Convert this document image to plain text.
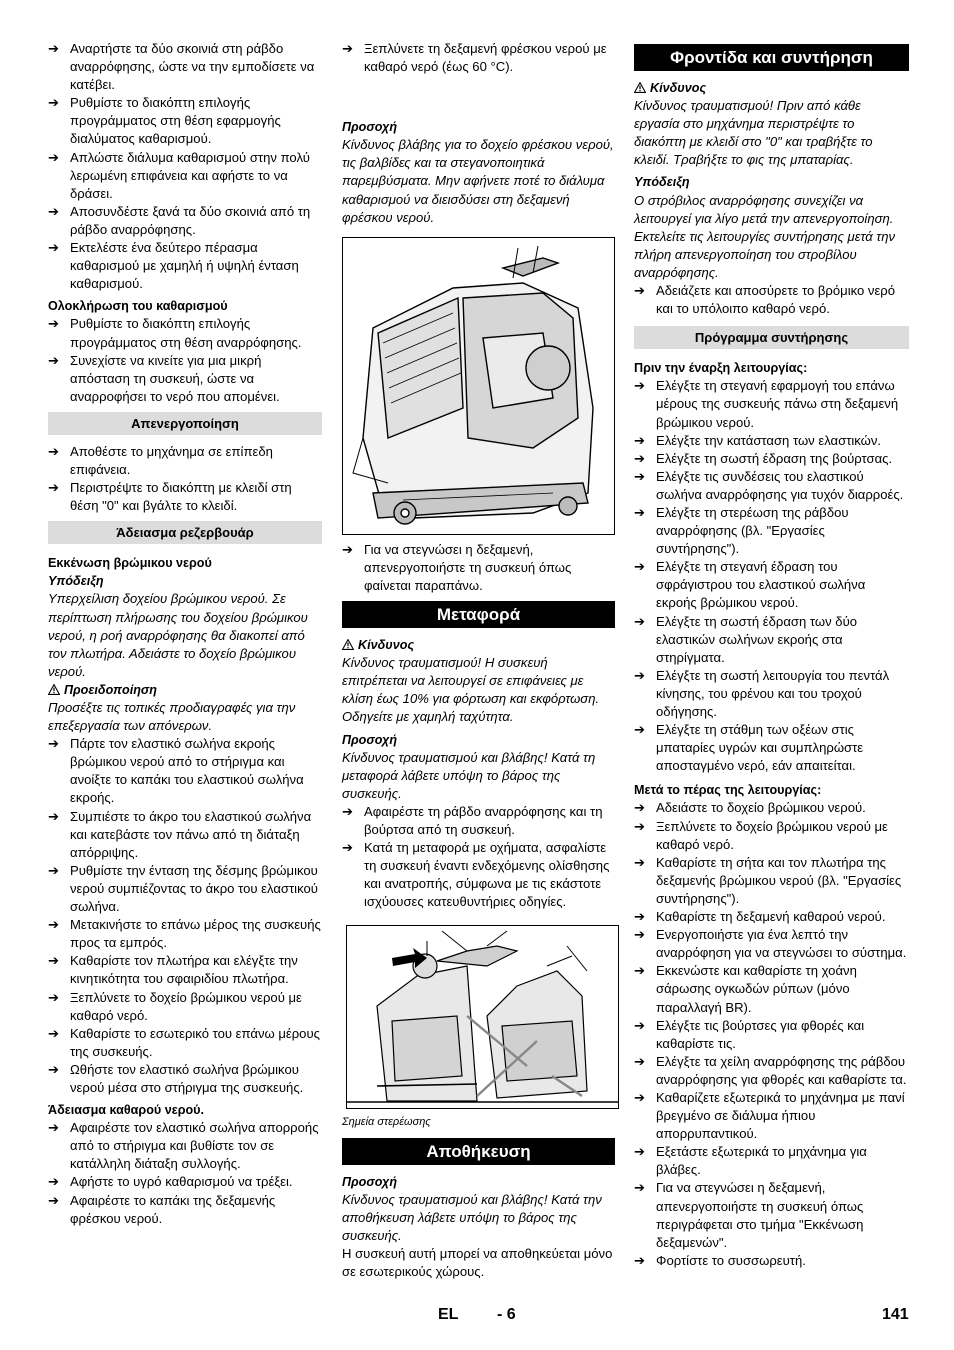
➔ Αναρτήστε τα δύο σκοινιά στη ράβδο αναρρόφησης, ώστε να την εμποδίσετε να κατέβει.

➔ Ρυθμίστε το διακόπτη επιλογής προγράμματος στη θέση εφαρμογής διαλύματος καθαρισμού.

➔ Απλώστε διάλυμα καθαρισμού στην πολύ λερωμένη επιφάνεια και αφήστε το να δράσει.

➔ Αποσυνδέστε ξανά τα δύο σκοινιά από τη ράβδο αναρρόφησης.

➔ Εκτελέστε ένα δεύτερο πέρασμα καθαρισμού με χαμηλή ή υψηλή ένταση καθαρισμού.

Ολοκλήρωση του καθαρισμού

➔ Ρυθμίστε το διακόπτη επιλογής προγράμματος στη θέση αναρρόφησης.

➔ Συνεχίστε να κινείτε για μια μικρή απόσταση τη συσκευή, ώστε να αναρροφήσει το νερό που απομένει.

Απενεργοποίηση

➔ Αποθέστε το μηχάνημα σε επίπεδη επιφάνεια.

➔ Περιστρέψτε το διακόπτη με κλειδί στη θέση "0" και βγάλτε το κλειδί.

Άδειασμα ρεζερβουάρ

Εκκένωση βρώμικου νερού

Υπόδειξη

Υπερχείλιση δοχείου βρώμικου νερού. Σε περίπτωση πλήρωσης του δοχείου βρώμικου νερού, η ροή αναρρόφησης θα διακοπεί από τον πλωτήρα. Αδειάστε το δοχείο βρώμικου νερού.

Προειδοποίηση

Προσέξτε τις τοπικές προδιαγραφές για την επεξεργασία των απόνερων.

➔ Πάρτε τον ελαστικό σωλήνα εκροής βρώμικου νερού από το στήριγμα και ανοίξτε το καπάκι του ελαστικού σωλήνα εκροής.

➔ Συμπιέστε το άκρο του ελαστικού σωλήνα και κατεβάστε τον πάνω από τη διάταξη απόρριψης.

➔ Ρυθμίστε την ένταση της δέσμης βρώμικου νερού συμπιέζοντας το άκρο του ελαστικού σωλήνα.

➔ Μετακινήστε το επάνω μέρος της συσκευής προς τα εμπρός.

➔ Καθαρίστε τον πλωτήρα και ελέγξτε την κινητικότητα του σφαιριδίου πλωτήρα.

➔ Ξεπλύνετε το δοχείο βρώμικου νερού με καθαρό νερό.

➔ Καθαρίστε το εσωτερικό του επάνω μέρους της συσκευής.

➔ Ωθήστε τον ελαστικό σωλήνα βρώμικου νερού μέσα στο στήριγμα της συσκευής.

Άδειασμα καθαρού νερού.

➔ Αφαιρέστε τον ελαστικό σωλήνα απορροής από το στήριγμα και βυθίστε τον σε κατάλληλη διάταξη συλλογής.

➔ Αφήστε το υγρό καθαρισμού να τρέξει.

➔ Αφαιρέστε το καπάκι της δεξαμενής φρέσκου νερού.

➔ Ξεπλύνετε τη δεξαμενή φρέσκου νερού με καθαρό νερό (έως 60 °C).

Προσοχή

Κίνδυνος βλάβης για το δοχείο φρέσκου νερού, τις βαλβίδες και τα στεγανοποιητικά παρεμβύσματα. Μην αφήνετε ποτέ το διάλυμα καθαρισμού να διεισδύσει στη δεξαμενή φρέσκου νερού.

➔ Για να στεγνώσει η δεξαμενή, απενεργοποιήστε τη συσκευή όπως φαίνεται παραπάνω.

Μεταφορά

Κίνδυνος

Κίνδυνος τραυματισμού! Η συσκευή επιτρέπεται να λειτουργεί σε επιφάνειες με κλίση έως 10% για φόρτωση και εκφόρτωση. Οδηγείτε με χαμηλή ταχύτητα.

Προσοχή

Κίνδυνος τραυματισμού και βλάβης! Κατά τη μεταφορά λάβετε υπόψη το βάρος της συσκευής.

➔ Αφαιρέστε τη ράβδο αναρρόφησης και τη βούρτσα από τη συσκευή.

➔ Κατά τη μεταφορά με οχήματα, ασφαλίστε τη συσκευή έναντι ενδεχόμενης ολίσθησης και ανατροπής, σύμφωνα με τις εκάστοτε ισχύουσες κατευθυντήριες οδηγίες.

Σημεία στερέωσης

Αποθήκευση

Προσοχή

Κίνδυνος τραυματισμού και βλάβης! Κατά την αποθήκευση λάβετε υπόψη το βάρος της συσκευής.

Η συσκευή αυτή μπορεί να αποθηκεύεται μόνο σε εσωτερικούς χώρους.

Φροντίδα και συντήρηση

Κίνδυνος

Κίνδυνος τραυματισμού! Πριν από κάθε εργασία στο μηχάνημα περιστρέψτε το διακόπτη με κλειδί στο "0" και τραβήξτε το κλειδί. Τραβήξτε το φις της μπαταρίας.

Υπόδειξη

Ο στρόβιλος αναρρόφησης συνεχίζει να λειτουργεί για λίγο μετά την απενεργοποίηση. Εκτελείτε τις λειτουργίες συντήρησης μετά την πλήρη απενεργοποίηση του στροβίλου αναρρόφησης.

➔ Αδειάζετε και αποσύρετε το βρόμικο νερό και το υπόλοιπο καθαρό νερό.

Πρόγραμμα συντήρησης

Πριν την έναρξη λειτουργίας:

➔ Ελέγξτε τη στεγανή εφαρμογή του επάνω μέρους της συσκευής πάνω στη δεξαμενή βρώμικου νερού.

➔ Ελέγξτε την κατάσταση των ελαστικών.

➔ Ελέγξτε τη σωστή έδραση της βούρτσας.

➔ Ελέγξτε τις συνδέσεις του ελαστικού σωλήνα αναρρόφησης για τυχόν διαρροές.

➔ Ελέγξτε τη στερέωση της ράβδου αναρρόφησης (βλ. "Εργασίες συντήρησης").

➔ Ελέγξτε τη στεγανή έδραση του σφράγιστρου του ελαστικού σωλήνα εκροής βρώμικου νερού.

➔ Ελέγξτε τη σωστή έδραση των δύο ελαστικών σωλήνων εκροής στα στηρίγματα.

➔ Ελέγξτε τη σωστή λειτουργία του πεντάλ κίνησης, του φρένου και του τροχού οδήγησης.

➔ Ελέγξτε τη στάθμη των οξέων στις μπαταρίες υγρών και συμπληρώστε αποσταγμένο νερό, εάν απαιτείται.

Μετά το πέρας της λειτουργίας:

➔ Αδειάστε το δοχείο βρώμικου νερού.

➔ Ξεπλύνετε το δοχείο βρώμικου νερού με καθαρό νερό.

➔ Καθαρίστε τη σήτα και τον πλωτήρα της δεξαμενής βρώμικου νερού (βλ. "Εργασίες συντήρησης").

➔ Καθαρίστε τη δεξαμενή καθαρού νερού.

➔ Ενεργοποιήστε για ένα λεπτό την αναρρόφηση για να στεγνώσει το σύστημα.

➔ Εκκενώστε και καθαρίστε τη χοάνη σάρωσης ογκωδών ρύπων (μόνο παραλλαγή BR).

➔ Ελέγξτε τις βούρτσες για φθορές και καθαρίστε τις.

➔ Ελέγξτε τα χείλη αναρρόφησης της ράβδου αναρρόφησης για φθορές και καθαρίστε τα.

➔ Καθαρίζετε εξωτερικά το μηχάνημα με πανί βρεγμένο σε διάλυμα ήπιου απορρυπαντικού.

➔ Εξετάστε εξωτερικά το μηχάνημα για βλάβες.

➔ Για να στεγνώσει η δεξαμενή, απενεργοποιήστε τη συσκευή όπως περιγράφεται στο τμήμα "Εκκένωση δεξαμενών".

➔ Φορτίστε το συσσωρευτή.

EL - 6	141
